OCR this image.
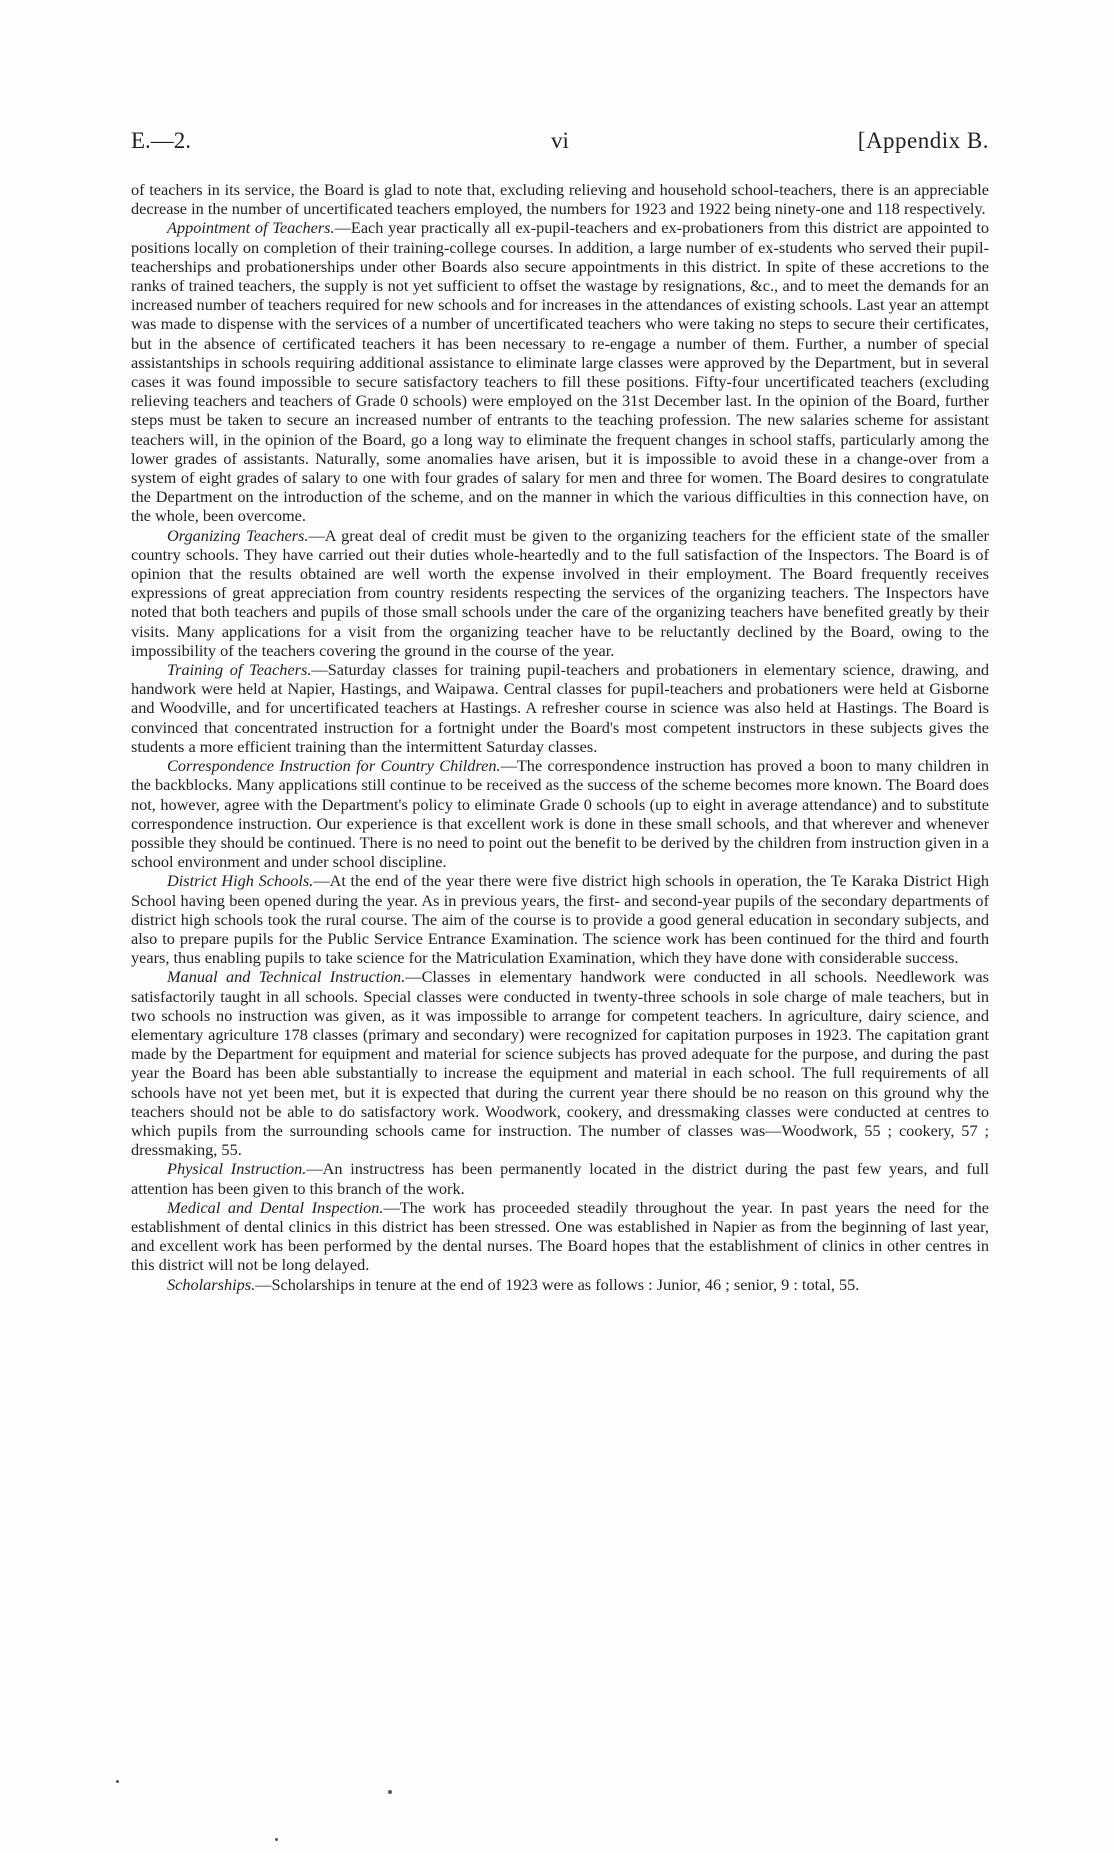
E.—2.	vi	[Appendix B.

of teachers in its service, the Board is glad to note that, excluding relieving and household school-teachers, there is an appreciable decrease in the number of uncertificated teachers employed, the numbers for 1923 and 1922 being ninety-one and 118 respectively.

Appointment of Teachers.—Each year practically all ex-pupil-teachers and ex-probationers from this district are appointed to positions locally on completion of their training-college courses. In addition, a large number of ex-students who served their pupil-teacherships and probationerships under other Boards also secure appointments in this district. In spite of these accretions to the ranks of trained teachers, the supply is not yet sufficient to offset the wastage by resignations, &c., and to meet the demands for an increased number of teachers required for new schools and for increases in the attendances of existing schools. Last year an attempt was made to dispense with the services of a number of uncertificated teachers who were taking no steps to secure their certificates, but in the absence of certificated teachers it has been necessary to re-engage a number of them. Further, a number of special assistantships in schools requiring additional assistance to eliminate large classes were approved by the Department, but in several cases it was found impossible to secure satisfactory teachers to fill these positions. Fifty-four uncertificated teachers (excluding relieving teachers and teachers of Grade 0 schools) were employed on the 31st December last. In the opinion of the Board, further steps must be taken to secure an increased number of entrants to the teaching profession. The new salaries scheme for assistant teachers will, in the opinion of the Board, go a long way to eliminate the frequent changes in school staffs, particularly among the lower grades of assistants. Naturally, some anomalies have arisen, but it is impossible to avoid these in a change-over from a system of eight grades of salary to one with four grades of salary for men and three for women. The Board desires to congratulate the Department on the introduction of the scheme, and on the manner in which the various difficulties in this connection have, on the whole, been overcome.

Organizing Teachers.—A great deal of credit must be given to the organizing teachers for the efficient state of the smaller country schools. They have carried out their duties whole-heartedly and to the full satisfaction of the Inspectors. The Board is of opinion that the results obtained are well worth the expense involved in their employment. The Board frequently receives expressions of great appreciation from country residents respecting the services of the organizing teachers. The Inspectors have noted that both teachers and pupils of those small schools under the care of the organizing teachers have benefited greatly by their visits. Many applications for a visit from the organizing teacher have to be reluctantly declined by the Board, owing to the impossibility of the teachers covering the ground in the course of the year.

Training of Teachers.—Saturday classes for training pupil-teachers and probationers in elementary science, drawing, and handwork were held at Napier, Hastings, and Waipawa. Central classes for pupil-teachers and probationers were held at Gisborne and Woodville, and for uncertificated teachers at Hastings. A refresher course in science was also held at Hastings. The Board is convinced that concentrated instruction for a fortnight under the Board's most competent instructors in these subjects gives the students a more efficient training than the intermittent Saturday classes.

Correspondence Instruction for Country Children.—The correspondence instruction has proved a boon to many children in the backblocks. Many applications still continue to be received as the success of the scheme becomes more known. The Board does not, however, agree with the Department's policy to eliminate Grade 0 schools (up to eight in average attendance) and to substitute correspondence instruction. Our experience is that excellent work is done in these small schools, and that wherever and whenever possible they should be continued. There is no need to point out the benefit to be derived by the children from instruction given in a school environment and under school discipline.

District High Schools.—At the end of the year there were five district high schools in operation, the Te Karaka District High School having been opened during the year. As in previous years, the first- and second-year pupils of the secondary departments of district high schools took the rural course. The aim of the course is to provide a good general education in secondary subjects, and also to prepare pupils for the Public Service Entrance Examination. The science work has been continued for the third and fourth years, thus enabling pupils to take science for the Matriculation Examination, which they have done with considerable success.

Manual and Technical Instruction.—Classes in elementary handwork were conducted in all schools. Needlework was satisfactorily taught in all schools. Special classes were conducted in twenty-three schools in sole charge of male teachers, but in two schools no instruction was given, as it was impossible to arrange for competent teachers. In agriculture, dairy science, and elementary agriculture 178 classes (primary and secondary) were recognized for capitation purposes in 1923. The capitation grant made by the Department for equipment and material for science subjects has proved adequate for the purpose, and during the past year the Board has been able substantially to increase the equipment and material in each school. The full requirements of all schools have not yet been met, but it is expected that during the current year there should be no reason on this ground why the teachers should not be able to do satisfactory work. Woodwork, cookery, and dressmaking classes were conducted at centres to which pupils from the surrounding schools came for instruction. The number of classes was—Woodwork, 55 ; cookery, 57 ; dressmaking, 55.

Physical Instruction.—An instructress has been permanently located in the district during the past few years, and full attention has been given to this branch of the work.

Medical and Dental Inspection.—The work has proceeded steadily throughout the year. In past years the need for the establishment of dental clinics in this district has been stressed. One was established in Napier as from the beginning of last year, and excellent work has been performed by the dental nurses. The Board hopes that the establishment of clinics in other centres in this district will not be long delayed.

Scholarships.—Scholarships in tenure at the end of 1923 were as follows : Junior, 46 ; senior, 9 : total, 55.
